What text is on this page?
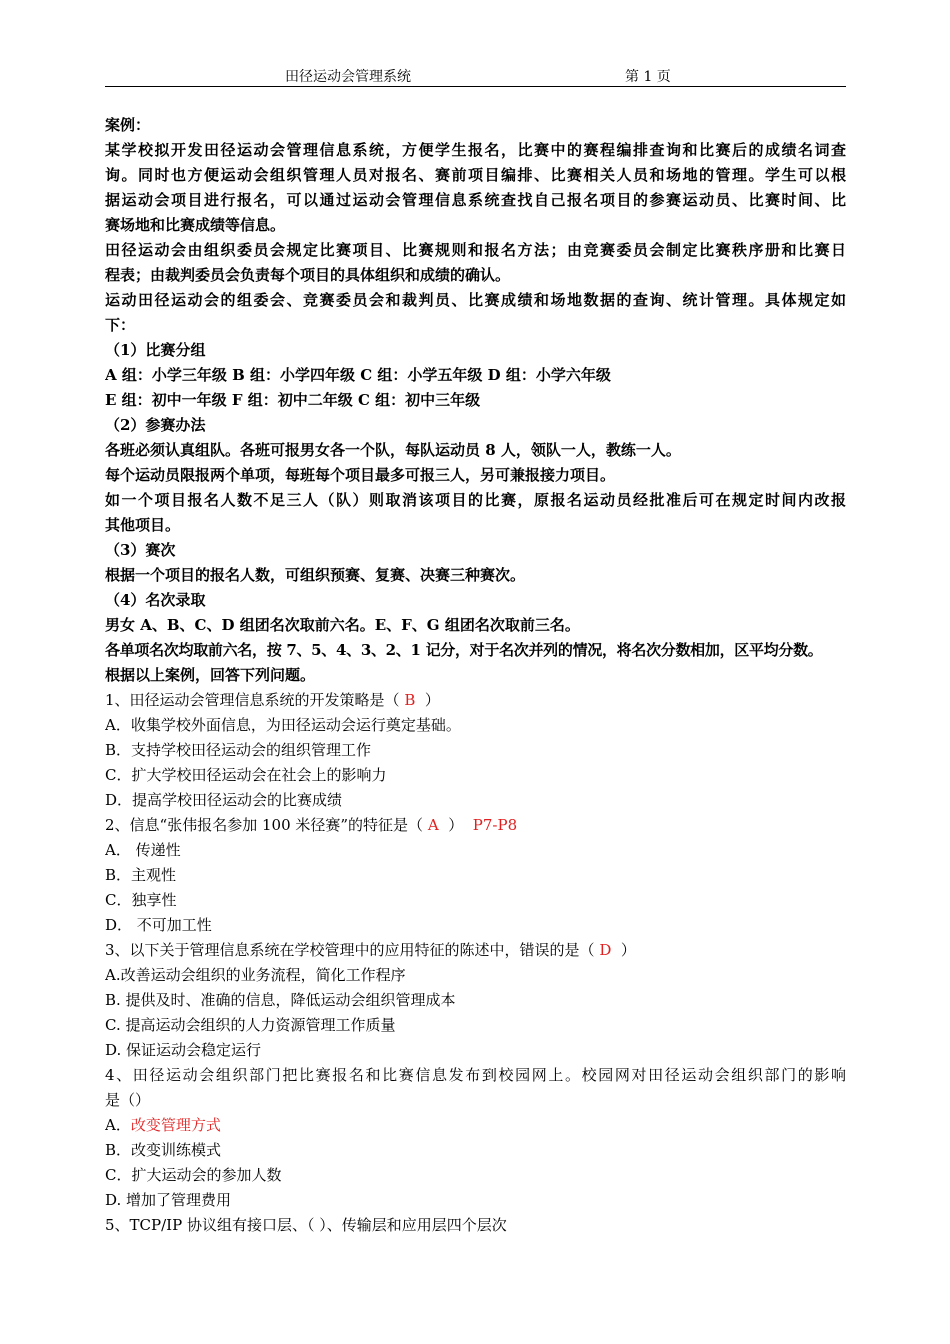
田径运动会管理系统	第 1 页
案例：
某学校拟开发田径运动会管理信息系统，方便学生报名，比赛中的赛程编排查询和比赛后的成绩名词查
询。同时也方便运动会组织管理人员对报名、赛前项目编排、比赛相关人员和场地的管理。学生可以根
据运动会项目进行报名，可以通过运动会管理信息系统查找自己报名项目的参赛运动员、比赛时间、比
赛场地和比赛成绩等信息。
田径运动会由组织委员会规定比赛项目、比赛规则和报名方法；由竞赛委员会制定比赛秩序册和比赛日
程表；由裁判委员会负责每个项目的具体组织和成绩的确认。
运动田径运动会的组委会、竞赛委员会和裁判员、比赛成绩和场地数据的查询、统计管理。具体规定如
下：
（1）比赛分组
A 组：小学三年级 B 组：小学四年级 C 组：小学五年级 D 组：小学六年级
E 组：初中一年级 F 组：初中二年级 C 组：初中三年级
（2）参赛办法
各班必须认真组队。各班可报男女各一个队，每队运动员 8 人，领队一人，教练一人。
每个运动员限报两个单项，每班每个项目最多可报三人，另可兼报接力项目。
如一个项目报名人数不足三人（队）则取消该项目的比赛，原报名运动员经批准后可在规定时间内改报
其他项目。
（3）赛次
根据一个项目的报名人数，可组织预赛、复赛、决赛三种赛次。
（4）名次录取
男女 A、B、C、D 组团名次取前六名。E、F、G 组团名次取前三名。
各单项名次均取前六名，按 7、5、4、3、2、1 记分，对于名次并列的情况，将名次分数相加，区平均分数。
根据以上案例，回答下列问题。
1、田径运动会管理信息系统的开发策略是（ B ）
A．收集学校外面信息，为田径运动会运行奠定基础。
B．支持学校田径运动会的组织管理工作
C．扩大学校田径运动会在社会上的影响力
D．提高学校田径运动会的比赛成绩
2、信息“张伟报名参加 100 米径赛”的特征是（ A ） P7-P8
A． 传递性
B．主观性
C．独享性
D． 不可加工性
3、以下关于管理信息系统在学校管理中的应用特征的陈述中，错误的是（ D ）
A.改善运动会组织的业务流程，简化工作程序
B. 提供及时、准确的信息，降低运动会组织管理成本
C. 提高运动会组织的人力资源管理工作质量
D. 保证运动会稳定运行
4、田径运动会组织部门把比赛报名和比赛信息发布到校园网上。校园网对田径运动会组织部门的影响
是（）
A．改变管理方式
B．改变训练模式
C．扩大运动会的参加人数
D. 增加了管理费用
5、TCP/IP 协议组有接口层、（ ）、传输层和应用层四个层次
